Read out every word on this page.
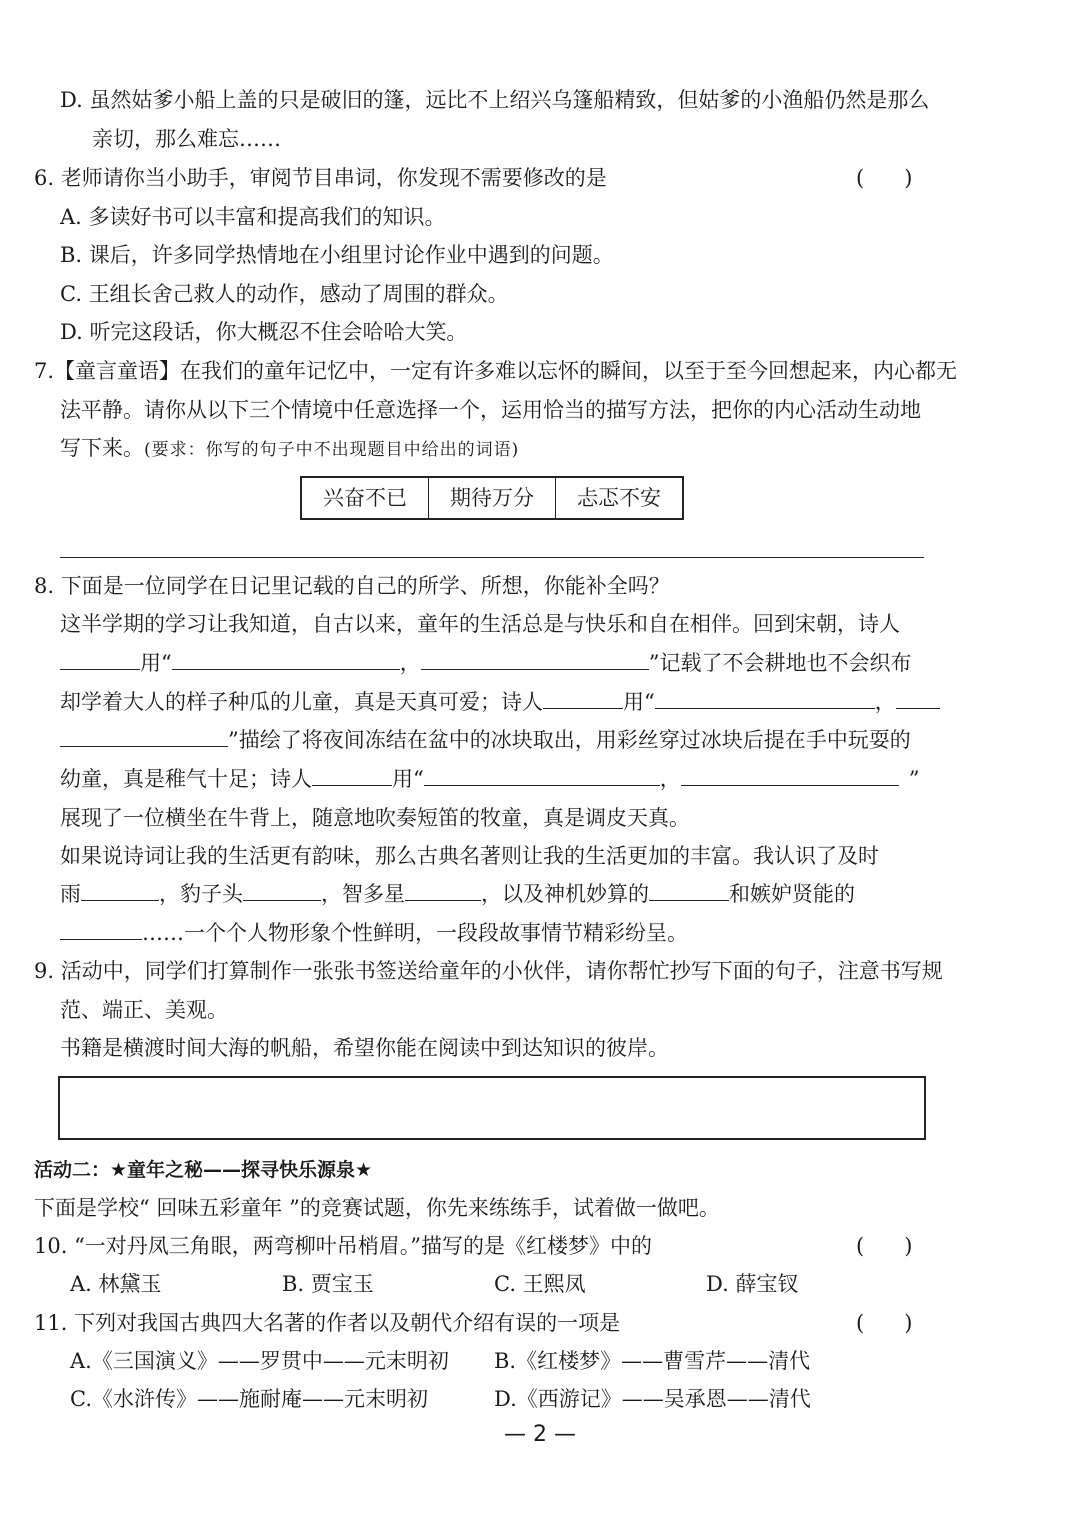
D. 虽然姑爹小船上盖的只是破旧的篷，远比不上绍兴乌篷船精致，但姑爹的小渔船仍然是那么
亲切，那么难忘……
6. 老师请你当小助手，审阅节目串词，你发现不需要修改的是	(      )
A. 多读好书可以丰富和提高我们的知识。
B. 课后，许多同学热情地在小组里讨论作业中遇到的问题。
C. 王组长舍己救人的动作，感动了周围的群众。
D. 听完这段话，你大概忍不住会哈哈大笑。
7.【童言童语】在我们的童年记忆中，一定有许多难以忘怀的瞬间，以至于至今回想起来，内心都无
法平静。请你从以下三个情境中任意选择一个，运用恰当的描写方法，把你的内心活动生动地
写下来。(要求：你写的句子中不出现题目中给出的词语)
兴奋不已	期待万分	忐忑不安
8. 下面是一位同学在日记里记载的自己的所学、所想，你能补全吗？
这半学期的学习让我知道，自古以来，童年的生活总是与快乐和自在相伴。回到宋朝，诗人
用“	，	”记载了不会耕地也不会织布
却学着大人的样子种瓜的儿童，真是天真可爱；诗人	用“	，
”描绘了将夜间冻结在盆中的冰块取出，用彩丝穿过冰块后提在手中玩耍的
幼童，真是稚气十足；诗人	用“	，	”
展现了一位横坐在牛背上，随意地吹奏短笛的牧童，真是调皮天真。
如果说诗词让我的生活更有韵味，那么古典名著则让我的生活更加的丰富。我认识了及时
雨	，豹子头	，智多星	，以及神机妙算的	和嫉妒贤能的
……一个个人物形象个性鲜明，一段段故事情节精彩纷呈。
9. 活动中，同学们打算制作一张张书签送给童年的小伙伴，请你帮忙抄写下面的句子，注意书写规
范、端正、美观。
书籍是横渡时间大海的帆船，希望你能在阅读中到达知识的彼岸。
活动二：★童年之秘——探寻快乐源泉★
下面是学校“ 回味五彩童年 ”的竞赛试题，你先来练练手，试着做一做吧。
10. “一对丹凤三角眼，两弯柳叶吊梢眉。”描写的是《红楼梦》中的	(      )
A. 林黛玉	B. 贾宝玉	C. 王熙凤	D. 薛宝钗
11. 下列对我国古典四大名著的作者以及朝代介绍有误的一项是	(      )
A.《三国演义》——罗贯中——元末明初 B.《红楼梦》——曹雪芹——清代
C.《水浒传》——施耐庵——元末明初	D.《西游记》——吴承恩——清代
— 2 —
